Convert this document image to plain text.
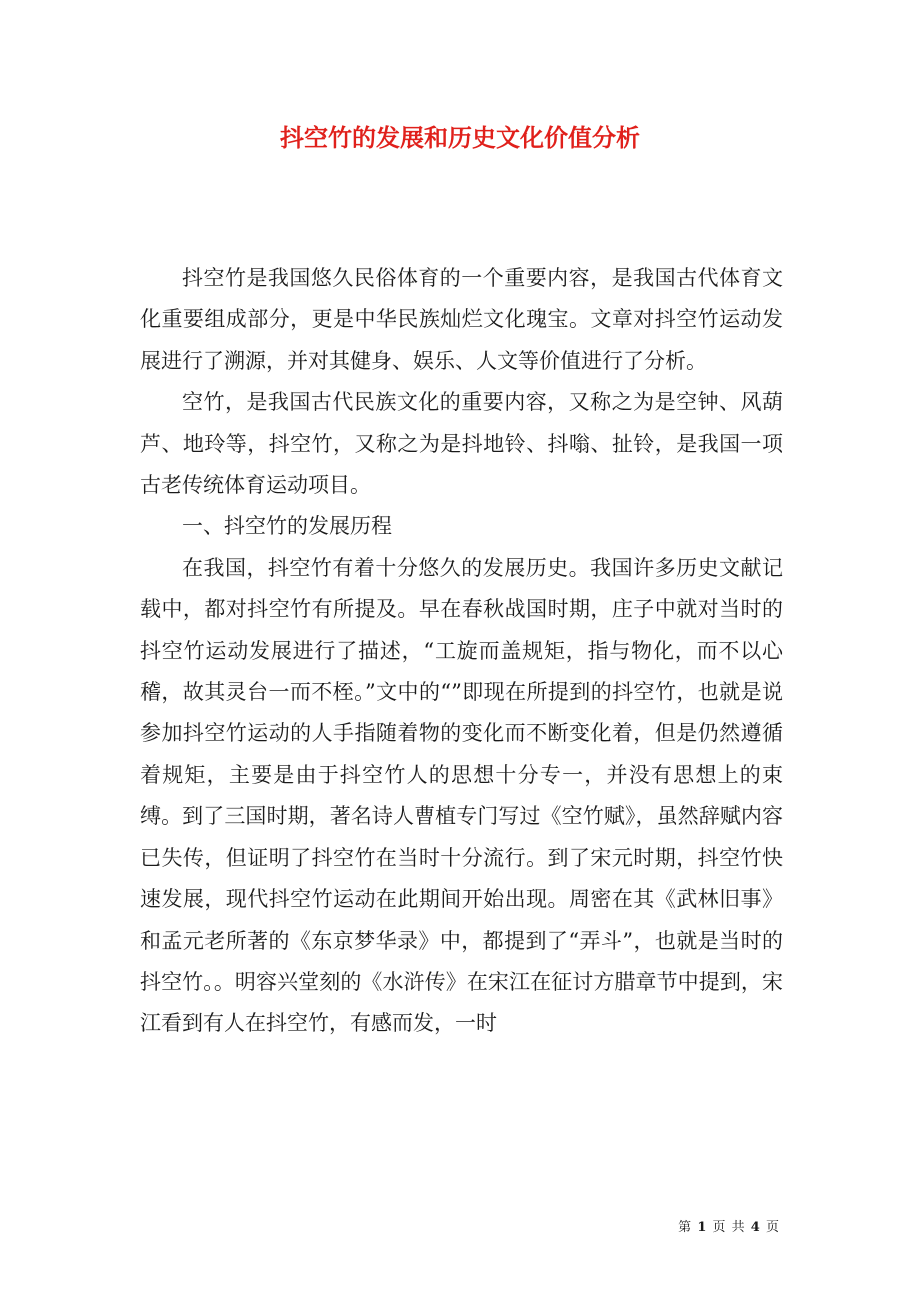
抖空竹的发展和历史文化价值分析

抖空竹是我国悠久民俗体育的一个重要内容，是我国古代体育文化重要组成部分，更是中华民族灿烂文化瑰宝。文章对抖空竹运动发展进行了溯源，并对其健身、娱乐、人文等价值进行了分析。

空竹，是我国古代民族文化的重要内容，又称之为是空钟、风葫芦、地玲等，抖空竹，又称之为是抖地铃、抖嗡、扯铃，是我国一项古老传统体育运动项目。

一、抖空竹的发展历程

在我国，抖空竹有着十分悠久的发展历史。我国许多历史文献记载中，都对抖空竹有所提及。早在春秋战国时期，庄子中就对当时的抖空竹运动发展进行了描述，“工旋而盖规矩，指与物化，而不以心稽，故其灵台一而不桎。”文中的“”即现在所提到的抖空竹，也就是说参加抖空竹运动的人手指随着物的变化而不断变化着，但是仍然遵循着规矩，主要是由于抖空竹人的思想十分专一，并没有思想上的束缚。到了三国时期，著名诗人曹植专门写过《空竹赋》，虽然辞赋内容已失传，但证明了抖空竹在当时十分流行。到了宋元时期，抖空竹快速发展，现代抖空竹运动在此期间开始出现。周密在其《武林旧事》和孟元老所著的《东京梦华录》中，都提到了“弄斗”，也就是当时的抖空竹。。明容兴堂刻的《水浒传》在宋江在征讨方腊章节中提到，宋江看到有人在抖空竹，有感而发，一时

第 1 页 共 4 页
